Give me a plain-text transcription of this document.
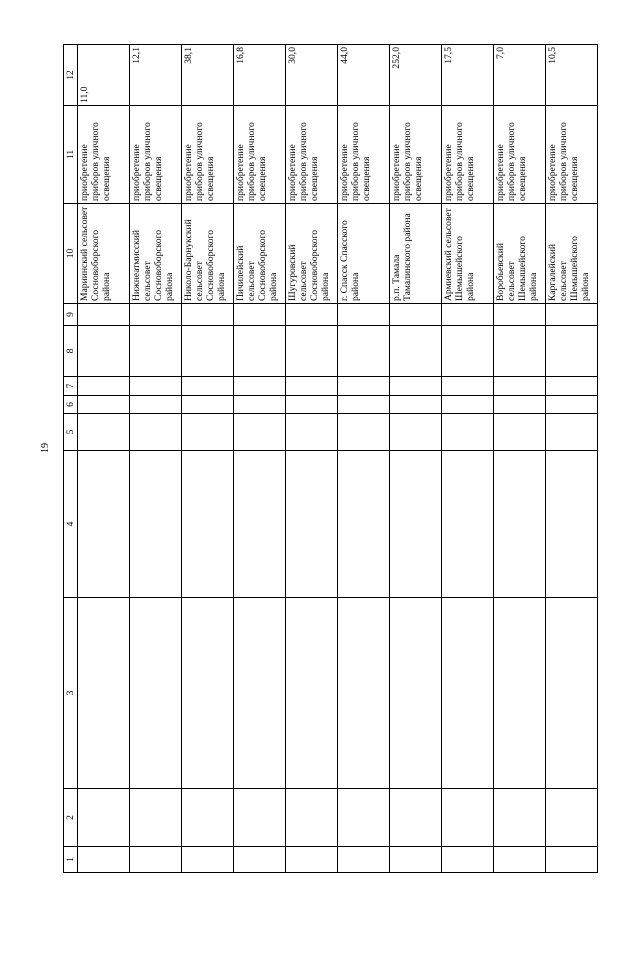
19
1	2	3	4	5	6	7	8	9	10	11	12
									Мариинский сельсовет Сосновоборского района	приобретение приборов уличного освещения	11,0
									Нижнеатмисский сельсовет Сосновоборского района	приобретение приборов уличного освещения	12,1
									Николо-Барнукский сельсовет Сосновоборского района	приобретение приборов уличного освещения	38,1
									Пичилейский сельсовет Сосновоборского района	приобретение приборов уличного освещения	16,8
									Шугуровский сельсовет Сосновоборского района	приобретение приборов уличного освещения	30,0
									г. Спасск Спасского района	приобретение приборов уличного освещения	44,0
									р.п. Тамала Тамалинского района	приобретение приборов уличного освещения	252,0
									Армиевский сельсовет Шемышейского района	приобретение приборов уличного освещения	17,5
									Воробьевский сельсовет Шемышейского района	приобретение приборов уличного освещения	7,0
									Каргалейский сельсовет Шемышейского района	приобретение приборов уличного освещения	10,5
